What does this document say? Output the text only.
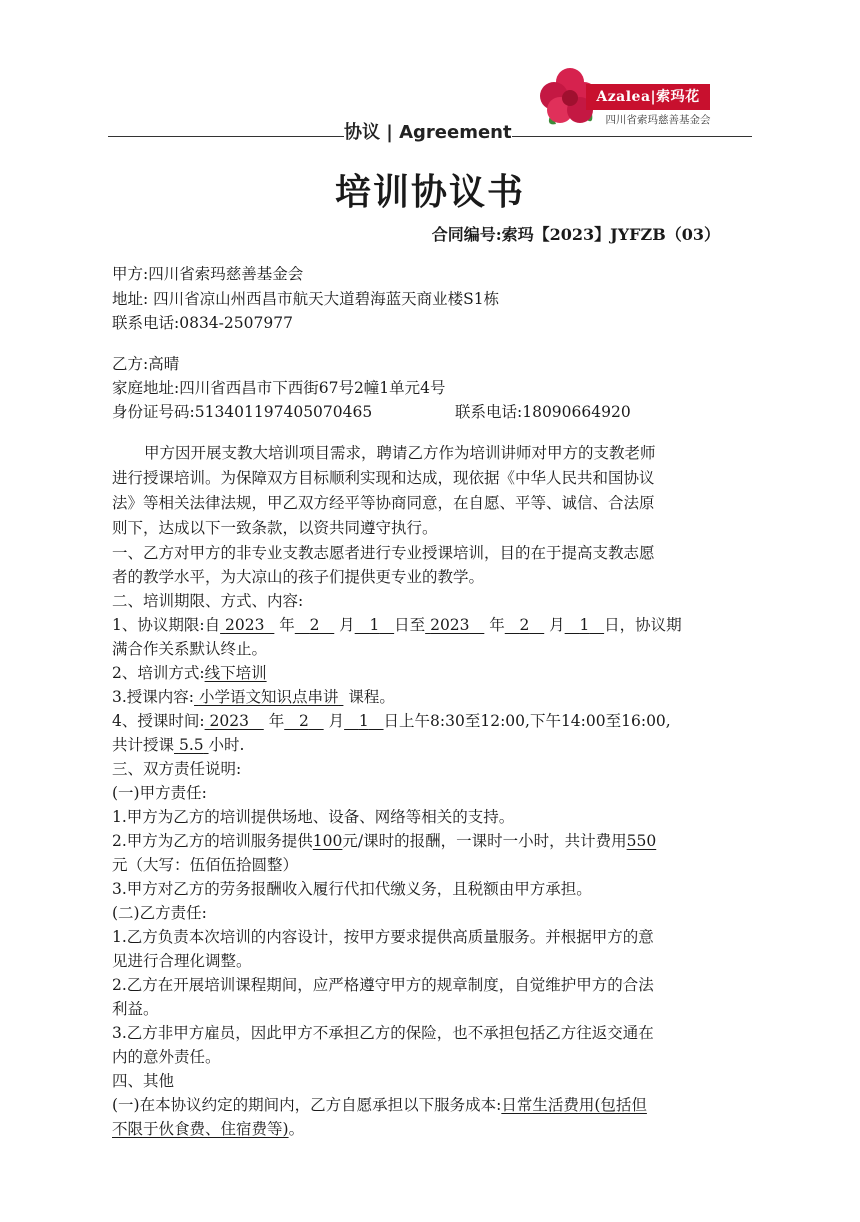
Azalea|索玛花
四川省索玛慈善基金会
协议 | Agreement
培训协议书
合同编号:索玛【2023】JYFZB（03）
甲方:四川省索玛慈善基金会
地址: 四川省凉山州西昌市航天大道碧海蓝天商业楼S1栋
联系电话:0834-2507977
乙方:高晴
家庭地址:四川省西昌市下西街67号2幢1单元4号
身份证号码:513401197405070465	联系电话:18090664920
甲方因开展支教大培训项目需求，聘请乙方作为培训讲师对甲方的支教老师
进行授课培训。为保障双方目标顺利实现和达成，现依据《中华人民共和国协议
法》等相关法律法规，甲乙双方经平等协商同意，在自愿、平等、诚信、合法原
则下，达成以下一致条款，以资共同遵守执行。
一、乙方对甲方的非专业支教志愿者进行专业授课培训，目的在于提高支教志愿
者的教学水平，为大凉山的孩子们提供更专业的教学。
二、培训期限、方式、内容:
1、协议期限:自 2023 年 2 月 1 日至 2023 年 2 月 1 日，协议期
满合作关系默认终止。
2、培训方式:线下培训
3.授课内容: 小学语文知识点串讲 课程。
4、授课时间: 2023 年 2 月 1 日上午8:30至12:00,下午14:00至16:00,
共计授课 5.5 小时.
三、双方责任说明:
(一)甲方责任:
1.甲方为乙方的培训提供场地、设备、网络等相关的支持。
2.甲方为乙方的培训服务提供100元/课时的报酬，一课时一小时，共计费用550
元（大写：伍佰伍拾圆整）
3.甲方对乙方的劳务报酬收入履行代扣代缴义务，且税额由甲方承担。
(二)乙方责任:
1.乙方负责本次培训的内容设计，按甲方要求提供高质量服务。并根据甲方的意
见进行合理化调整。
2.乙方在开展培训课程期间，应严格遵守甲方的规章制度，自觉维护甲方的合法
利益。
3.乙方非甲方雇员，因此甲方不承担乙方的保险，也不承担包括乙方往返交通在
内的意外责任。
四、其他
(一)在本协议约定的期间内，乙方自愿承担以下服务成本:日常生活费用(包括但
不限于伙食费、住宿费等)。
